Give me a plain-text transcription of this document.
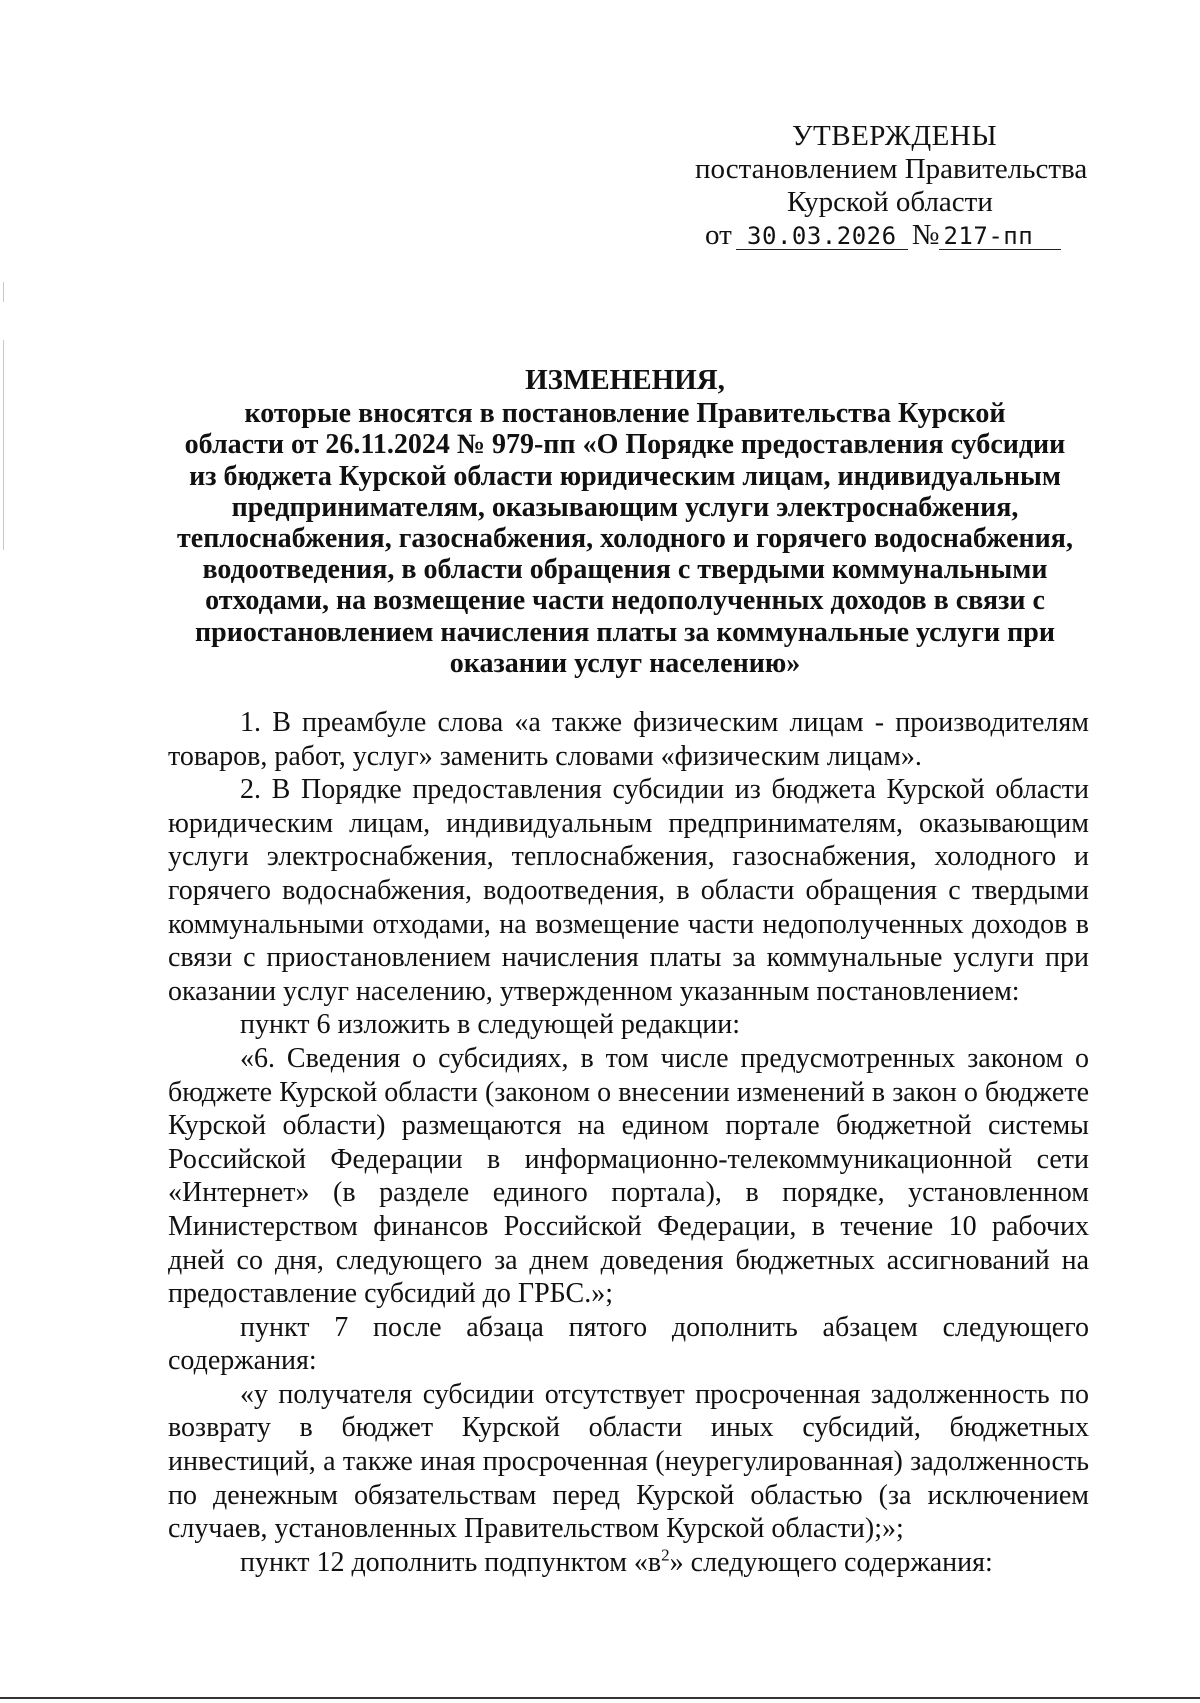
УТВЕРЖДЕНЫ
постановлением Правительства
Курской области
от 30.03.2026 № 217-пп
ИЗМЕНЕНИЯ,
которые вносятся в постановление Правительства Курской
области от 26.11.2024 № 979-пп «О Порядке предоставления субсидии
из бюджета Курской области юридическим лицам, индивидуальным
предпринимателям, оказывающим услуги электроснабжения,
теплоснабжения, газоснабжения, холодного и горячего водоснабжения,
водоотведения, в области обращения с твердыми коммунальными
отходами, на возмещение части недополученных доходов в связи с
приостановлением начисления платы за коммунальные услуги при
оказании услуг населению»

1. В преамбуле слова «а также физическим лицам - производителям товаров, работ, услуг» заменить словами «физическим лицам».

2. В Порядке предоставления субсидии из бюджета Курской области юридическим лицам, индивидуальным предпринимателям, оказывающим услуги электроснабжения, теплоснабжения, газоснабжения, холодного и горячего водоснабжения, водоотведения, в области обращения с твердыми коммунальными отходами, на возмещение части недополученных доходов в связи с приостановлением начисления платы за коммунальные услуги при оказании услуг населению, утвержденном указанным постановлением:

пункт 6 изложить в следующей редакции:

«6. Сведения о субсидиях, в том числе предусмотренных законом о бюджете Курской области (законом о внесении изменений в закон о бюджете Курской области) размещаются на едином портале бюджетной системы Российской Федерации в информационно-телекоммуникационной сети «Интернет» (в разделе единого портала), в порядке, установленном Министерством финансов Российской Федерации, в течение 10 рабочих дней со дня, следующего за днем доведения бюджетных ассигнований на предоставление субсидий до ГРБС.»;

пункт 7 после абзаца пятого дополнить абзацем следующего содержания:

«у получателя субсидии отсутствует просроченная задолженность по возврату в бюджет Курской области иных субсидий, бюджетных инвестиций, а также иная просроченная (неурегулированная) задолженность по денежным обязательствам перед Курской областью (за исключением случаев, установленных Правительством Курской области);»;

пункт 12 дополнить подпунктом «$в^2$» следующего содержания:
